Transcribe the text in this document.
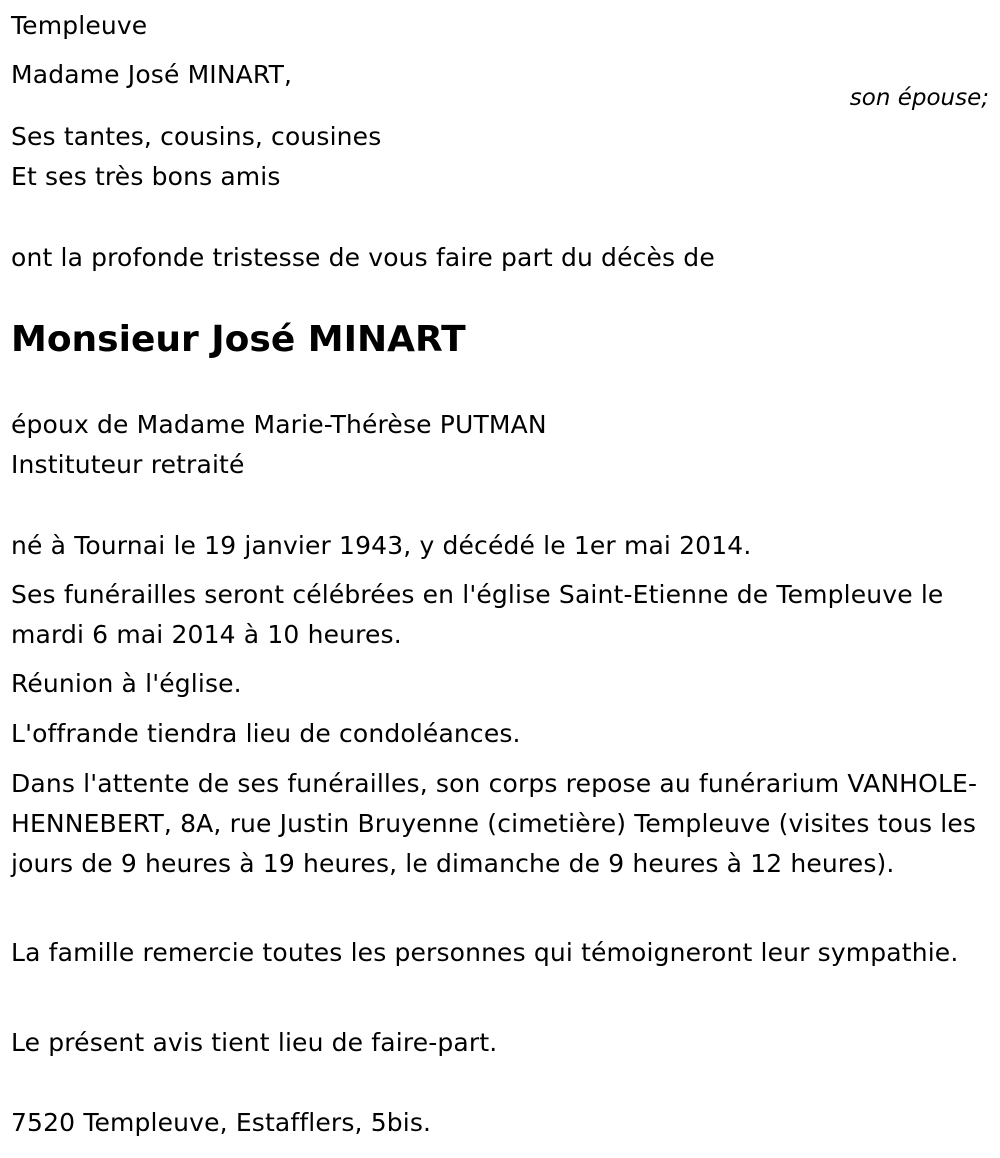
Templeuve
Madame José MINART,
son épouse;
Ses tantes, cousins, cousines
Et ses très bons amis
ont la profonde tristesse de vous faire part du décès de
Monsieur José MINART
époux de Madame Marie-Thérèse PUTMAN
Instituteur retraité
né à Tournai le 19 janvier 1943, y décédé le 1er mai 2014.
Ses funérailles seront célébrées en l'église Saint-Etienne de Templeuve le mardi 6 mai 2014 à 10 heures.
Réunion à l'église.
L'offrande tiendra lieu de condoléances.
Dans l'attente de ses funérailles, son corps repose au funérarium VANHOLE-HENNEBERT, 8A, rue Justin Bruyenne (cimetière) Templeuve (visites tous les jours de 9 heures à 19 heures, le dimanche de 9 heures à 12 heures).
La famille remercie toutes les personnes qui témoigneront leur sympathie.
Le présent avis tient lieu de faire-part.
7520 Templeuve, Estafflers, 5bis.
